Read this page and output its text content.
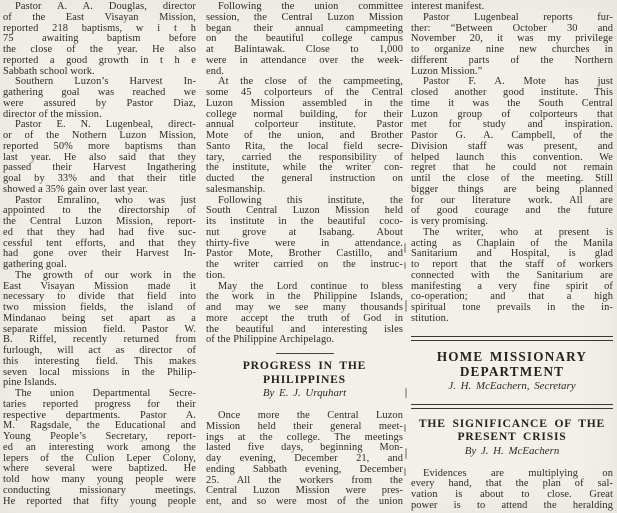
Pastor A. A. Douglas, director
of the East Visayan Mission,
reported 218 baptisms, w i t h
75 awaiting baptism before
the close of the year. He also
reported a good growth in t h e
Sabbath school work.
Southern Luzon’s Harvest In-
gathering goal was reached we
were assured by Pastor Diaz,
director of the mission.
Pastor E. N. Lugenbeal, direct-
or of the Nothern Luzon Mission,
reported 50% more baptisms than
last year. He also said that they
passed their Harvest Ingathering
goal by 33% and that their title
showed a 35% gain over last year.
Pastor Emralino, who was just
appointed to the directorship of
the Central Luzon Mission, report-
ed that they had had five suc-
cessful tent efforts, and that they
had gone over their Harvest In-
gathering goal.
The growth of our work in the
East Visayan Mission made it
necessary to divide that field into
two mission fields, the island of
Mindanao being set apart as a
separate mission field. Pastor W.
B. Riffel, recently returned from
furlough, will act as director of
this interesting field. This makes
seven local missions in the Philip-
pine Islands.
The union Departmental Secre-
taries reported progress for their
respective departments. Pastor A.
M. Ragsdale, the Educational and
Young People’s Secretary, report-
ed an interesting work among the
lepers of the Culion Leper Colony,
where several were baptized. He
told how many young people were
conducting missionary meetings.
He reported that fifty young people
Following the union committee
session, the Central Luzon Mission
began their annual campmeeting
on the beautiful college campus
at Balintawak. Close to 1,000
were in attendance over the week-
end.
At the close of the campmeeting,
some 45 colporteurs of the Central
Luzon Mission assembled in the
college normal building, for their
annual colporteur institute. Pastor
Mote of the union, and Brother
Santo Rita, the local field secre-
tary, carried the responsibility of
the institute, while the writer con-
ducted the general instruction on
salesmanship.
Following this institute, the
South Central Luzon Mission held
its institute in the beautiful coco-
nut grove at Isabang. About
thirty-five were in attendance.
Pastor Mote, Brother Castillo, and
the writer carried on the instruc-
tion.
May the Lord continue to bless
the work in the Philippine Islands,
and may we see many thousands
more accept the truth of God in
the beautiful and interesting isles
of the Philippine Archipelago.
PROGRESS IN THE
PHILIPPINES
By E. J. Urquhart
Once more the Central Luzon
Mission held their general meet-
ings at the college. The meetings
lasted five days, beginning Mon-
day evening, December 21, and
ending Sabbath evening, December
25. All the workers from the
Central Luzon Mission were pres-
ent, and so were most of the union
interest manifest.
Pastor Lugenbeal reports fur-
ther: “Between October 30 and
November 20, it was my privilege
to organize nine new churches in
different parts of the Northern
Luzon Mission.”
Pastor F. A. Mote has just
closed another good institute. This
time it was the South Central
Luzon group of colporteurs that
met for study and inspiration.
Pastor G. A. Campbell, of the
Division staff was present, and
helped launch this convention. We
regret that he could not remain
until the close of the meeting. Still
bigger things are being planned
for our literature work. All are
of good courage and the future
is very promising.
The writer, who at present is
acting as Chaplain of the Manila
Sanitarium and Hospital, is glad
to report that the staff of workers
connected with the Sanitarium are
manifesting a very fine spirit of
co-operation; and that a high
spiritual tone prevails in the in-
stitution.
HOME MISSIONARY
DEPARTMENT
J. H. McEachern, Secretary
THE SIGNIFICANCE OF THE
PRESENT CRISIS
By J. H. McEachern
Evidences are multiplying on
every hand, that the plan of sal-
vation is about to close. Great
power is to attend the heralding
